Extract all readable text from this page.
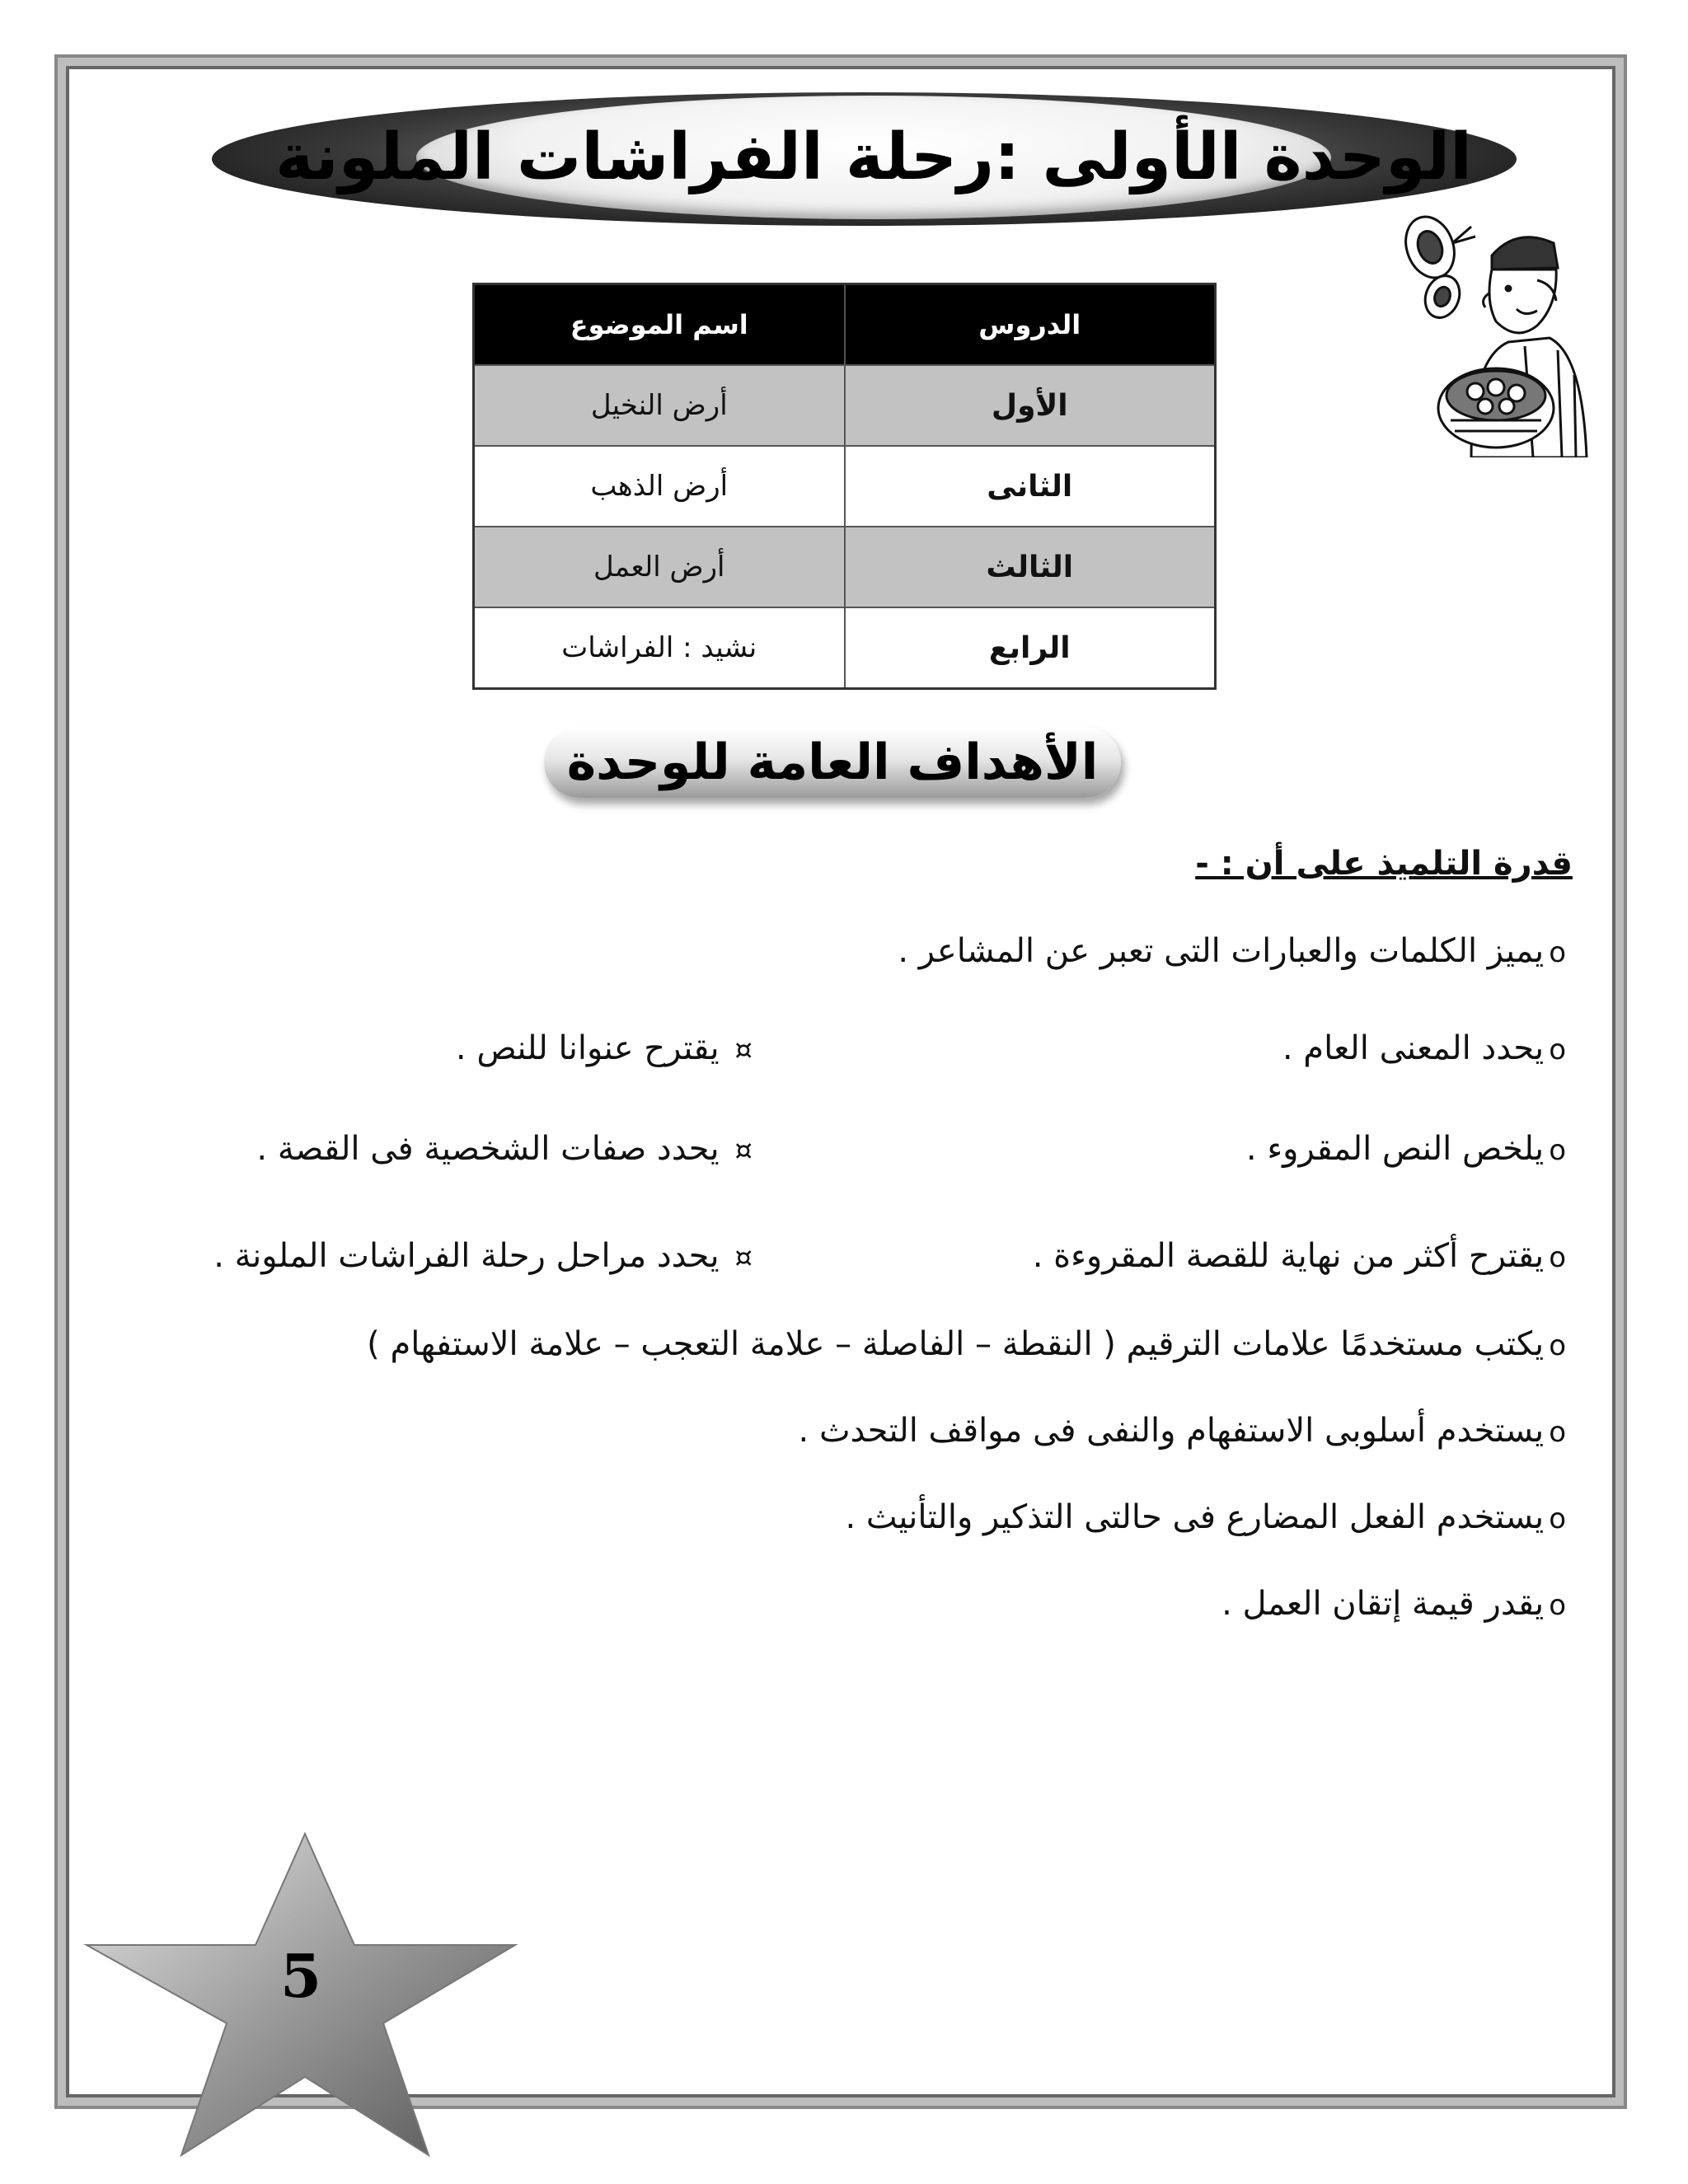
الوحدة الأولى :رحلة الفراشات الملونة
الدروس	اسم الموضوع
الأول	أرض النخيل
الثانى	أرض الذهب
الثالث	أرض العمل
الرابع	نشيد : الفراشات
الأهداف العامة للوحدة
قدرة التلميذ على أن : -
oيميز الكلمات والعبارات التى تعبر عن المشاعر .
oيحدد المعنى العام .
¤ يقترح عنوانا للنص .
oيلخص النص المقروء .
¤ يحدد صفات الشخصية فى القصة .
oيقترح أكثر من نهاية للقصة المقروءة .
¤ يحدد مراحل رحلة الفراشات الملونة .
oيكتب مستخدمًا علامات الترقيم ( النقطة – الفاصلة – علامة التعجب – علامة الاستفهام )
oيستخدم أسلوبى الاستفهام والنفى فى مواقف التحدث .
oيستخدم الفعل المضارع فى حالتى التذكير والتأنيث .
oيقدر قيمة إتقان العمل .
5
